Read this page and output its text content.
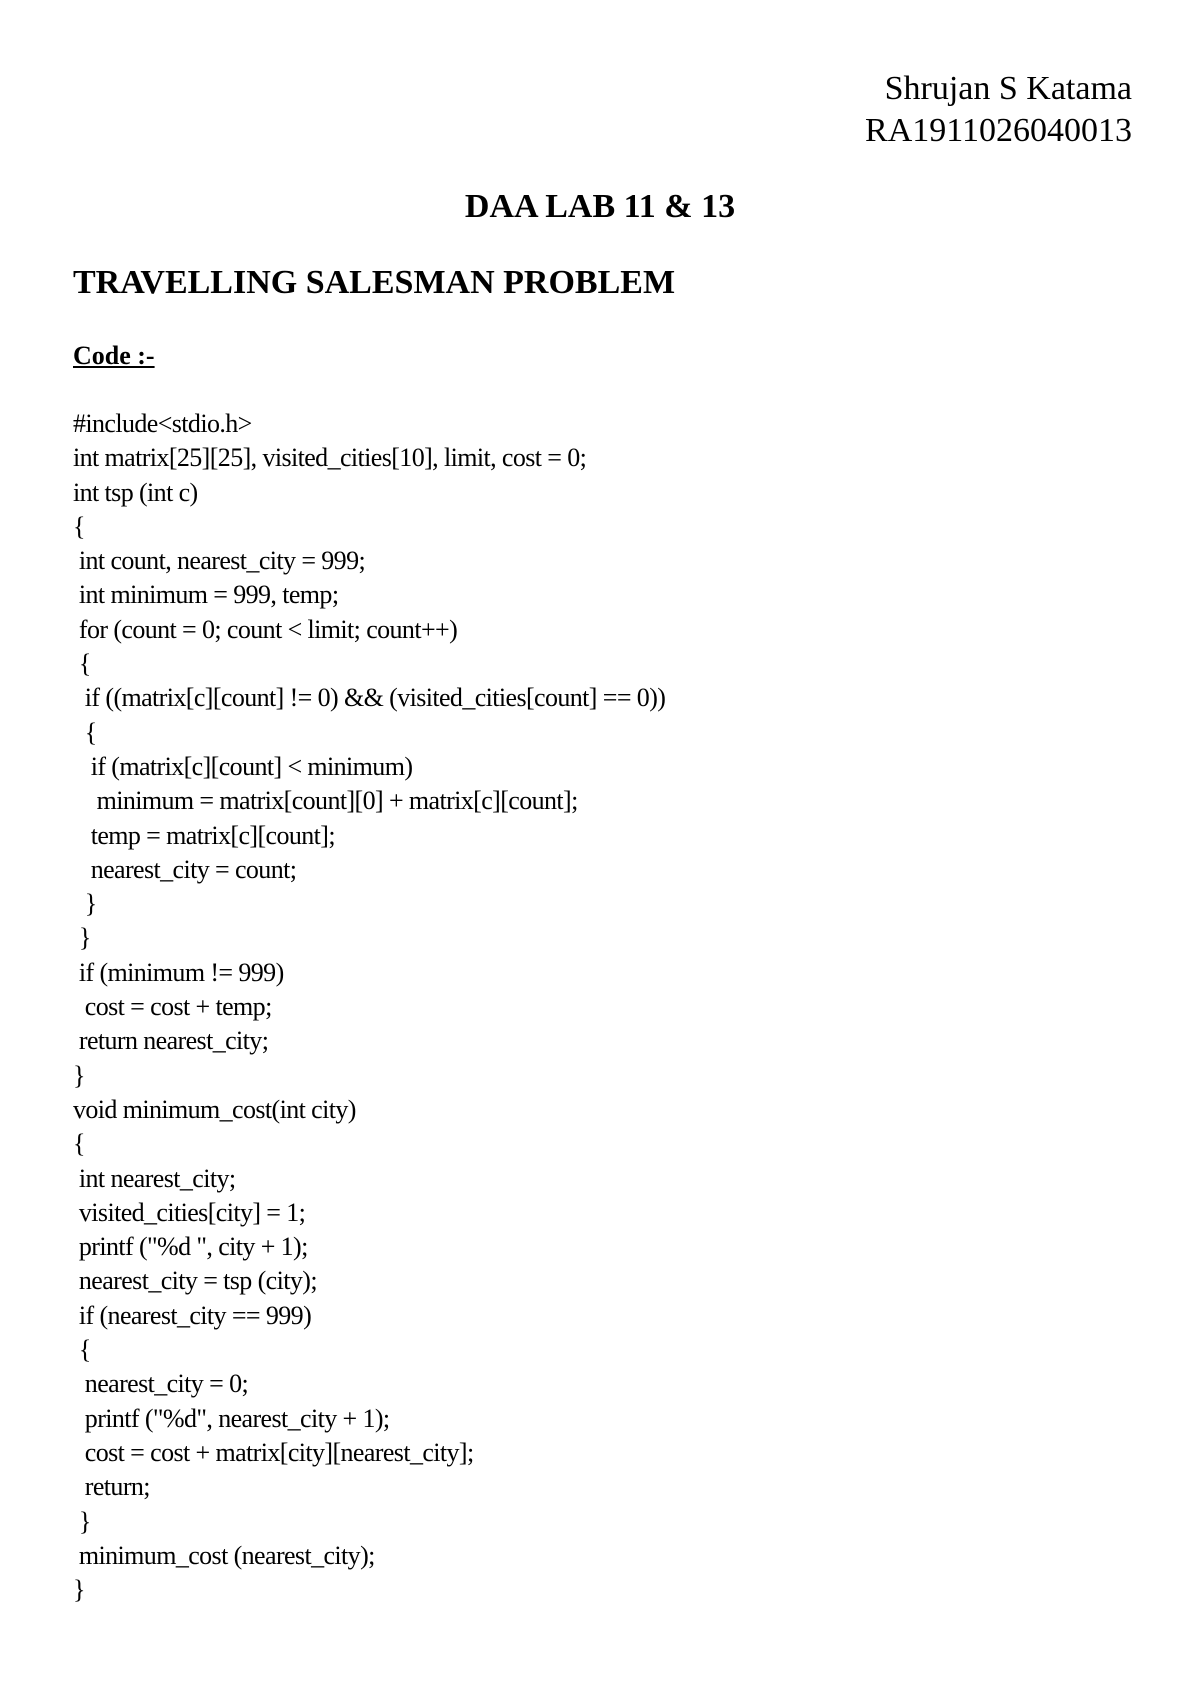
Shrujan S Katama
RA1911026040013
DAA LAB 11 & 13
TRAVELLING SALESMAN PROBLEM
Code :-
#include<stdio.h>
int matrix[25][25], visited_cities[10], limit, cost = 0;
int tsp (int c)
{
int count, nearest_city = 999;
int minimum = 999, temp;
for (count = 0; count < limit; count++)
{
if ((matrix[c][count] != 0) && (visited_cities[count] == 0))
{
if (matrix[c][count] < minimum)
minimum = matrix[count][0] + matrix[c][count];
temp = matrix[c][count];
nearest_city = count;
}
}
if (minimum != 999)
cost = cost + temp;
return nearest_city;
}
void minimum_cost(int city)
{
int nearest_city;
visited_cities[city] = 1;
printf ("%d ", city + 1);
nearest_city = tsp (city);
if (nearest_city == 999)
{
nearest_city = 0;
printf ("%d", nearest_city + 1);
cost = cost + matrix[city][nearest_city];
return;
}
minimum_cost (nearest_city);
}
